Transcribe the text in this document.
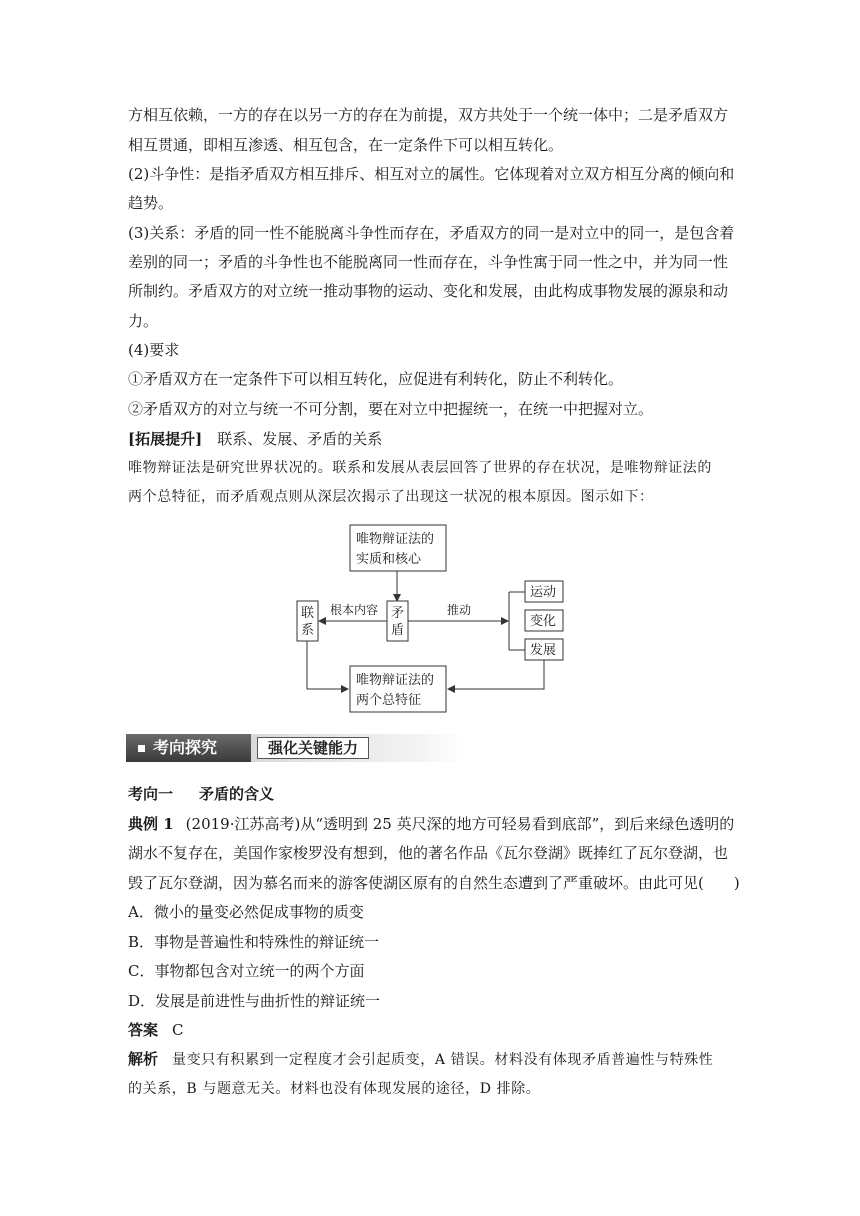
方相互依赖，一方的存在以另一方的存在为前提，双方共处于一个统一体中；二是矛盾双方
相互贯通，即相互渗透、相互包含，在一定条件下可以相互转化。
(2)斗争性：是指矛盾双方相互排斥、相互对立的属性。它体现着对立双方相互分离的倾向和
趋势。
(3)关系：矛盾的同一性不能脱离斗争性而存在，矛盾双方的同一是对立中的同一，是包含着
差别的同一；矛盾的斗争性也不能脱离同一性而存在，斗争性寓于同一性之中，并为同一性
所制约。矛盾双方的对立统一推动事物的运动、变化和发展，由此构成事物发展的源泉和动
力。
(4)要求
①矛盾双方在一定条件下可以相互转化，应促进有利转化，防止不利转化。
②矛盾双方的对立与统一不可分割，要在对立中把握统一，在统一中把握对立。
[拓展提升]　联系、发展、矛盾的关系
唯物辩证法是研究世界状况的。联系和发展从表层回答了世界的存在状况，是唯物辩证法的
两个总特征，而矛盾观点则从深层次揭示了出现这一状况的根本原因。图示如下：
唯物辩证法的
实质和核心
联
系
矛
盾
根本内容	推动
运动
变化
发展
唯物辩证法的
两个总特征
考向探究	强化关键能力
考向一 矛盾的含义
典例 1 (2019·江苏高考)从“透明到 25 英尺深的地方可轻易看到底部”，到后来绿色透明的
湖水不复存在，美国作家梭罗没有想到，他的著名作品《瓦尔登湖》既捧红了瓦尔登湖，也
毁了瓦尔登湖，因为慕名而来的游客使湖区原有的自然生态遭到了严重破坏。由此可见(　　)
A．微小的量变必然促成事物的质变
B．事物是普遍性和特殊性的辩证统一
C．事物都包含对立统一的两个方面
D．发展是前进性与曲折性的辩证统一
答案 C
解析 量变只有积累到一定程度才会引起质变，A 错误。材料没有体现矛盾普遍性与特殊性
的关系，B 与题意无关。材料也没有体现发展的途径，D 排除。
